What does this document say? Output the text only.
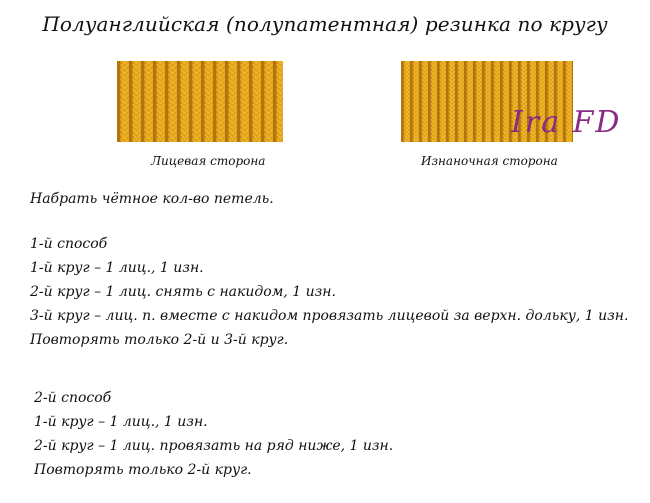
Полуанглийская (полупатентная) резинка по кругу
Ira FD
Лицевая сторона	Изнаночная сторона
Набрать чётное кол-во петель.
1-й способ
1-й круг – 1 лиц., 1 изн.
2-й круг – 1 лиц. снять с накидом, 1 изн.
3-й круг – лиц. п. вместе с накидом провязать лицевой за верхн. дольку, 1 изн.
Повторять только 2-й и 3-й круг.
2-й способ
1-й круг – 1 лиц., 1 изн.
2-й круг – 1 лиц. провязать на ряд ниже, 1 изн.
Повторять только 2-й круг.
